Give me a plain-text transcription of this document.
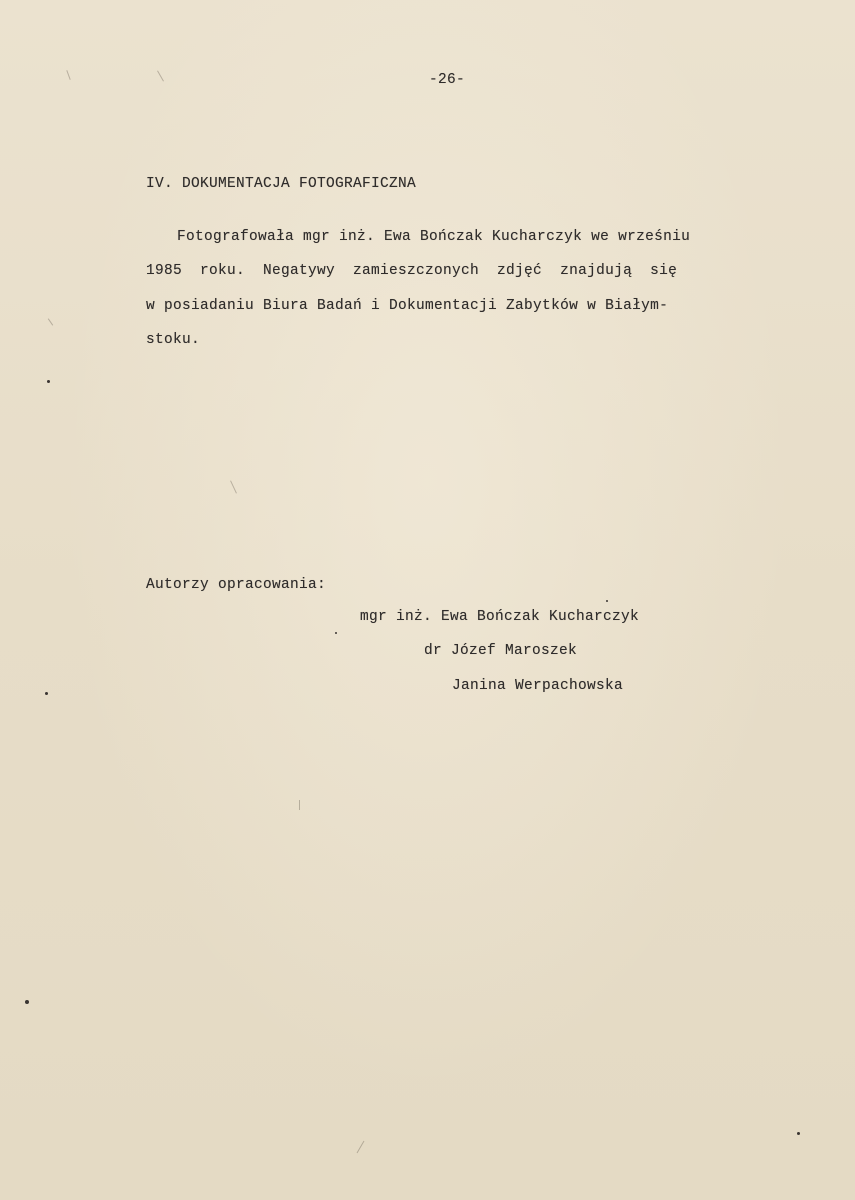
-26-
IV. DOKUMENTACJA FOTOGRAFICZNA
Fotografowała mgr inż. Ewa Bończak Kucharczyk we wrześniu
1985  roku.  Negatywy  zamieszczonych  zdjęć  znajdują  się
w posiadaniu Biura Badań i Dokumentacji Zabytków w Białym-
stoku.
Autorzy opracowania:
mgr inż. Ewa Bończak Kucharczyk
dr Józef Maroszek
Janina Werpachowska
